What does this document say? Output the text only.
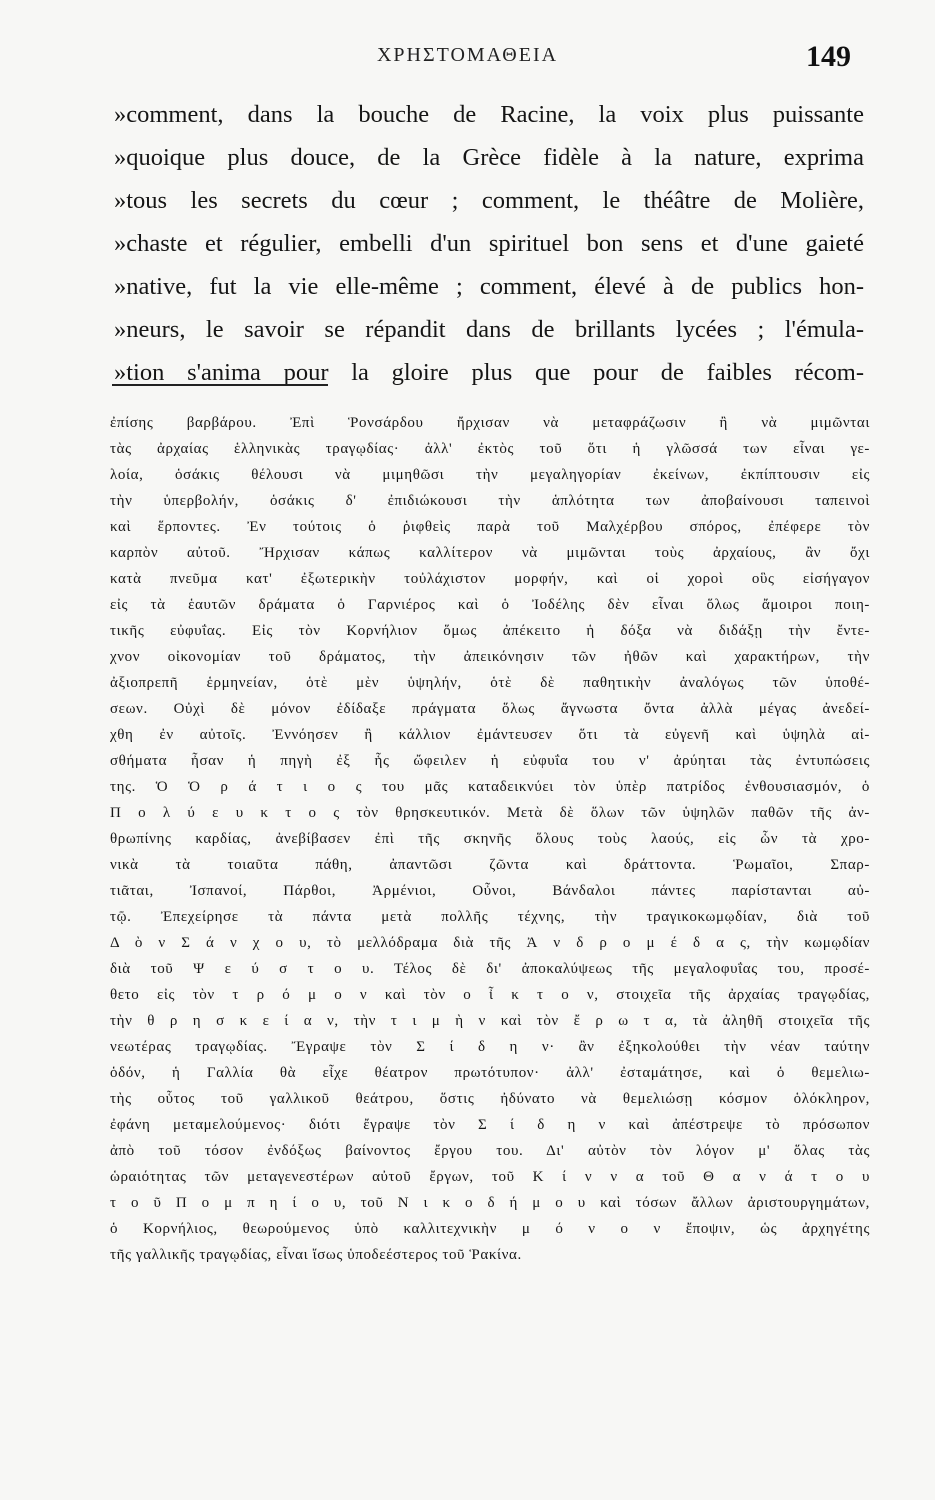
ΧΡΗΣΤΟΜΑΘΕΙΑ	149
»comment, dans la bouche de Racine, la voix plus puissante
»quoique plus douce, de la Grèce fidèle à la nature, exprima
»tous les secrets du cœur ; comment, le théâtre de Molière,
»chaste et régulier, embelli d'un spirituel bon sens et d'une gaieté
»native, fut la vie elle-même ; comment, élevé à de publics hon-
»neurs, le savoir se répandit dans de brillants lycées ; l'émula-
»tion s'anima pour la gloire plus que pour de faibles récom-
ἐπίσης βαρβάρου. Ἐπὶ Ῥονσάρδου ἤρχισαν νὰ μεταφράζωσιν ἢ νὰ μιμῶνται
τὰς ἀρχαίας ἑλληνικὰς τραγῳδίας· ἀλλ' ἐκτὸς τοῦ ὅτι ἡ γλῶσσά των εἶναι γε-
λοία, ὁσάκις θέλουσι νὰ μιμηθῶσι τὴν μεγαληγορίαν ἐκείνων, ἐκπίπτουσιν εἰς
τὴν ὑπερβολήν, ὁσάκις δ' ἐπιδιώκουσι τὴν ἁπλότητα των ἀποβαίνουσι ταπεινοὶ
καὶ ἕρποντες. Ἐν τούτοις ὁ ῥιφθεὶς παρὰ τοῦ Μαλχέρβου σπόρος, ἐπέφερε τὸν
καρπὸν αὐτοῦ. Ἤρχισαν κάπως καλλίτερον νὰ μιμῶνται τοὺς ἀρχαίους, ἂν ὄχι
κατὰ πνεῦμα κατ' ἐξωτερικὴν τοὐλάχιστον μορφήν, καὶ οἱ χοροὶ οὓς εἰσήγαγον
εἰς τὰ ἑαυτῶν δράματα ὁ Γαρνιέρος καὶ ὁ Ἰοδέλης δὲν εἶναι ὅλως ἄμοιροι ποιη-
τικῆς εὐφυΐας. Εἰς τὸν Κορνήλιον ὅμως ἀπέκειτο ἡ δόξα νὰ διδάξῃ τὴν ἔντε-
χνον οἰκονομίαν τοῦ δράματος, τὴν ἀπεικόνησιν τῶν ἠθῶν καὶ χαρακτήρων, τὴν
ἀξιοπρεπῆ ἑρμηνείαν, ὁτὲ μὲν ὑψηλήν, ὁτὲ δὲ παθητικὴν ἀναλόγως τῶν ὑποθέ-
σεων. Οὐχὶ δὲ μόνον ἐδίδαξε πράγματα ὅλως ἄγνωστα ὄντα ἀλλὰ μέγας ἀνεδεί-
χθη ἐν αὐτοῖς. Ἐννόησεν ἢ κάλλιον ἐμάντευσεν ὅτι τὰ εὐγενῆ καὶ ὑψηλὰ αἰ-
σθήματα ἦσαν ἡ πηγὴ ἐξ ἧς ὤφειλεν ἡ εὐφυΐα του ν' ἀρύηται τὰς ἐντυπώσεις
της. Ὁ Ὁ ρ ά τ ι ο ς του μᾶς καταδεικνύει τὸν ὑπὲρ πατρίδος ἐνθουσιασμόν, ὁ
Π ο λ ύ ε υ κ τ ο ς τὸν θρησκευτικόν. Μετὰ δὲ ὅλων τῶν ὑψηλῶν παθῶν τῆς ἀν-
θρωπίνης καρδίας, ἀνεβίβασεν ἐπὶ τῆς σκηνῆς ὅλους τοὺς λαούς, εἰς ὧν τὰ χρο-
νικὰ τὰ τοιαῦτα πάθη, ἀπαντῶσι ζῶντα καὶ δράττοντα. Ῥωμαῖοι, Σπαρ-
τιᾶται, Ἰσπανοί, Πάρθοι, Ἀρμένιοι, Οὖνοι, Βάνδαλοι πάντες παρίστανται αὐ-
τῷ. Ἐπεχείρησε τὰ πάντα μετὰ πολλῆς τέχνης, τὴν τραγικοκωμῳδίαν, διὰ τοῦ
Δ ὸ ν Σ ά ν χ ο υ, τὸ μελλόδραμα διὰ τῆς Ἀ ν δ ρ ο μ έ δ α ς, τὴν κωμῳδίαν
διὰ τοῦ Ψ ε ύ σ τ ο υ. Τέλος δὲ δι' ἀποκαλύψεως τῆς μεγαλοφυΐας του, προσέ-
θετο εἰς τὸν τ ρ ό μ ο ν καὶ τὸν ο ἶ κ τ ο ν, στοιχεῖα τῆς ἀρχαίας τραγῳδίας,
τὴν θ ρ η σ κ ε ί α ν, τὴν τ ι μ ὴ ν καὶ τὸν ἔ ρ ω τ α, τὰ ἀληθῆ στοιχεῖα τῆς
νεωτέρας τραγῳδίας. Ἔγραψε τὸν Σ ί δ η ν· ἂν ἐξηκολούθει τὴν νέαν ταύτην
ὁδόν, ἡ Γαλλία θὰ εἶχε θέατρον πρωτότυπον· ἀλλ' ἐσταμάτησε, καὶ ὁ θεμελιω-
τὴς οὗτος τοῦ γαλλικοῦ θεάτρου, ὅστις ἠδύνατο νὰ θεμελιώσῃ κόσμον ὁλόκληρον,
ἐφάνη μεταμελούμενος· διότι ἔγραψε τὸν Σ ί δ η ν καὶ ἀπέστρεψε τὸ πρόσωπον
ἀπὸ τοῦ τόσον ἐνδόξως βαίνοντος ἔργου του. Δι' αὐτὸν τὸν λόγον μ' ὅλας τὰς
ὡραιότητας τῶν μεταγενεστέρων αὐτοῦ ἔργων, τοῦ Κ ί ν ν α τοῦ Θ α ν ά τ ο υ
τ ο ῦ Π ο μ π η ί ο υ, τοῦ Ν ι κ ο δ ή μ ο υ καὶ τόσων ἄλλων ἀριστουργημάτων,
ὁ Κορνήλιος, θεωρούμενος ὑπὸ καλλιτεχνικὴν μ ό ν ο ν ἔποψιν, ὡς ἀρχηγέτης
τῆς γαλλικῆς τραγῳδίας, εἶναι ἴσως ὑποδεέστερος τοῦ Ῥακίνα.
